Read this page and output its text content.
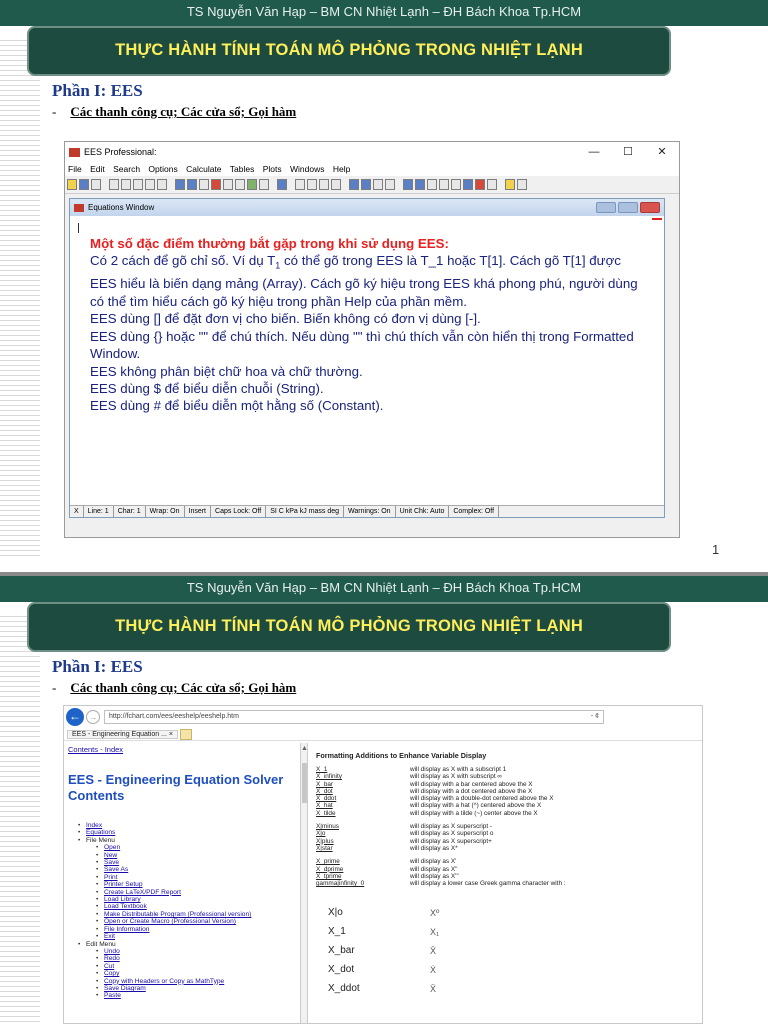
TS Nguyễn Văn Hạp – BM CN Nhiệt Lạnh – ĐH Bách Khoa Tp.HCM
THỰC HÀNH TÍNH TOÁN MÔ PHỎNG TRONG NHIỆT LẠNH
Phần I: EES
- Các thanh công cụ; Các cửa sổ; Gọi hàm
EES Professional:	—	☐	✕
File Edit Search Options Calculate Tables Plots Windows Help
Equations Window
Một số đặc điểm thường bắt gặp trong khi sử dụng EES:
Có 2 cách để gõ chỉ số. Ví dụ $T_1$ có thể gõ trong EES là T_1 hoặc T[1]. Cách gõ T[1] được EES hiểu là biến dạng mảng (Array). Cách gõ ký hiệu trong EES khá phong phú, người dùng có thể tìm hiểu cách gõ ký hiệu trong phần Help của phần mềm.
EES dùng [] để đặt đơn vị cho biến. Biến không có đơn vị dùng [-].
EES dùng {} hoặc "" để chú thích. Nếu dùng "" thì chú thích vẫn còn hiển thị trong Formatted Window.
EES không phân biệt chữ hoa và chữ thường.
EES dùng $ để biểu diễn chuỗi (String).
EES dùng # để biểu diễn một hằng số (Constant).
X	Line: 1	Char: 1	Wrap: On	Insert	Caps Lock: Off	SI C kPa kJ mass deg	Warnings: On	Unit Chk: Auto	Complex: Off
1
TS Nguyễn Văn Hạp – BM CN Nhiệt Lạnh – ĐH Bách Khoa Tp.HCM
THỰC HÀNH TÍNH TOÁN MÔ PHỎNG TRONG NHIỆT LẠNH
Phần I: EES
- Các thanh công cụ; Các cửa sổ; Gọi hàm
← →	http://fchart.com/ees/eeshelp/eeshelp.htm	- ¢
EES - Engineering Equation ... ×
Contents - Index
EES - Engineering Equation Solver Contents
• Index
• Equations
• File Menu
• Open
• New
• Save
• Save As
• Print
• Printer Setup
• Create LaTeX/PDF Report
• Load Library
• Load Textbook
• Make Distributable Program (Professional version)
• Open or Create Macro (Professional Version)
• File Information
• Exit
• Edit Menu
• Undo
• Redo
• Cut
• Copy
• Copy with Headers or Copy as MathType
• Save Diagram
• Paste
▲
Formatting Additions to Enhance Variable Display
X_1	will display as X with a subscript 1
X_infinity	will display as X with subscript ∞
X_bar	will display with a bar centered above the X
X_dot	will display with a dot centered above the X
X_ddot	will display with a double-dot centered above the X
X_hat	will display with a hat (^) centered above the X
X_tilde	will display with a tilde (~) center above the X
X|minus	will display as X superscript -
X|o	will display as X superscript o
X|plus	will display as X superscript+
X|star	will display as X*
X_prime	will display as X'
X_dprime	will display as X"
X_tprime	will display as X'''
gamma|infinity_0	will display a lower case Greek gamma character with :
X|o	Xº
X_1	X₁
X_bar	X̄
X_dot	Ẋ
X_ddot	Ẍ
